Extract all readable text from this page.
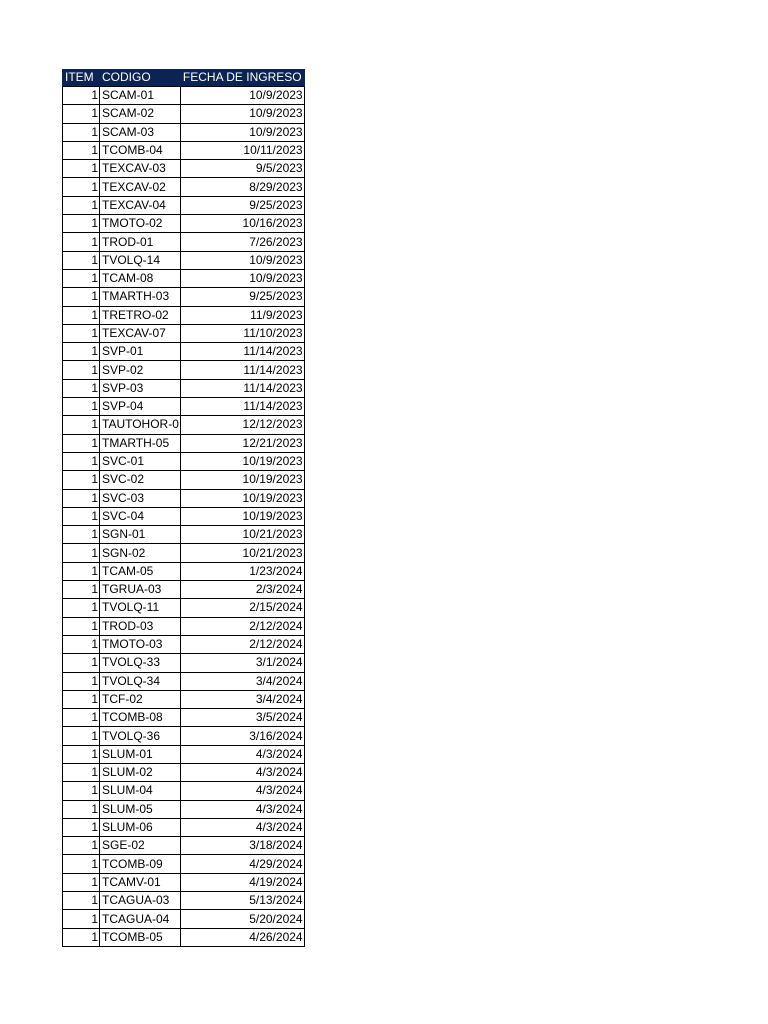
ITEM	CODIGO	FECHA DE INGRESO
1	SCAM-01	10/9/2023
1	SCAM-02	10/9/2023
1	SCAM-03	10/9/2023
1	TCOMB-04	10/11/2023
1	TEXCAV-03	9/5/2023
1	TEXCAV-02	8/29/2023
1	TEXCAV-04	9/25/2023
1	TMOTO-02	10/16/2023
1	TROD-01	7/26/2023
1	TVOLQ-14	10/9/2023
1	TCAM-08	10/9/2023
1	TMARTH-03	9/25/2023
1	TRETRO-02	11/9/2023
1	TEXCAV-07	11/10/2023
1	SVP-01	11/14/2023
1	SVP-02	11/14/2023
1	SVP-03	11/14/2023
1	SVP-04	11/14/2023
1	TAUTOHOR-0	12/12/2023
1	TMARTH-05	12/21/2023
1	SVC-01	10/19/2023
1	SVC-02	10/19/2023
1	SVC-03	10/19/2023
1	SVC-04	10/19/2023
1	SGN-01	10/21/2023
1	SGN-02	10/21/2023
1	TCAM-05	1/23/2024
1	TGRUA-03	2/3/2024
1	TVOLQ-11	2/15/2024
1	TROD-03	2/12/2024
1	TMOTO-03	2/12/2024
1	TVOLQ-33	3/1/2024
1	TVOLQ-34	3/4/2024
1	TCF-02	3/4/2024
1	TCOMB-08	3/5/2024
1	TVOLQ-36	3/16/2024
1	SLUM-01	4/3/2024
1	SLUM-02	4/3/2024
1	SLUM-04	4/3/2024
1	SLUM-05	4/3/2024
1	SLUM-06	4/3/2024
1	SGE-02	3/18/2024
1	TCOMB-09	4/29/2024
1	TCAMV-01	4/19/2024
1	TCAGUA-03	5/13/2024
1	TCAGUA-04	5/20/2024
1	TCOMB-05	4/26/2024
